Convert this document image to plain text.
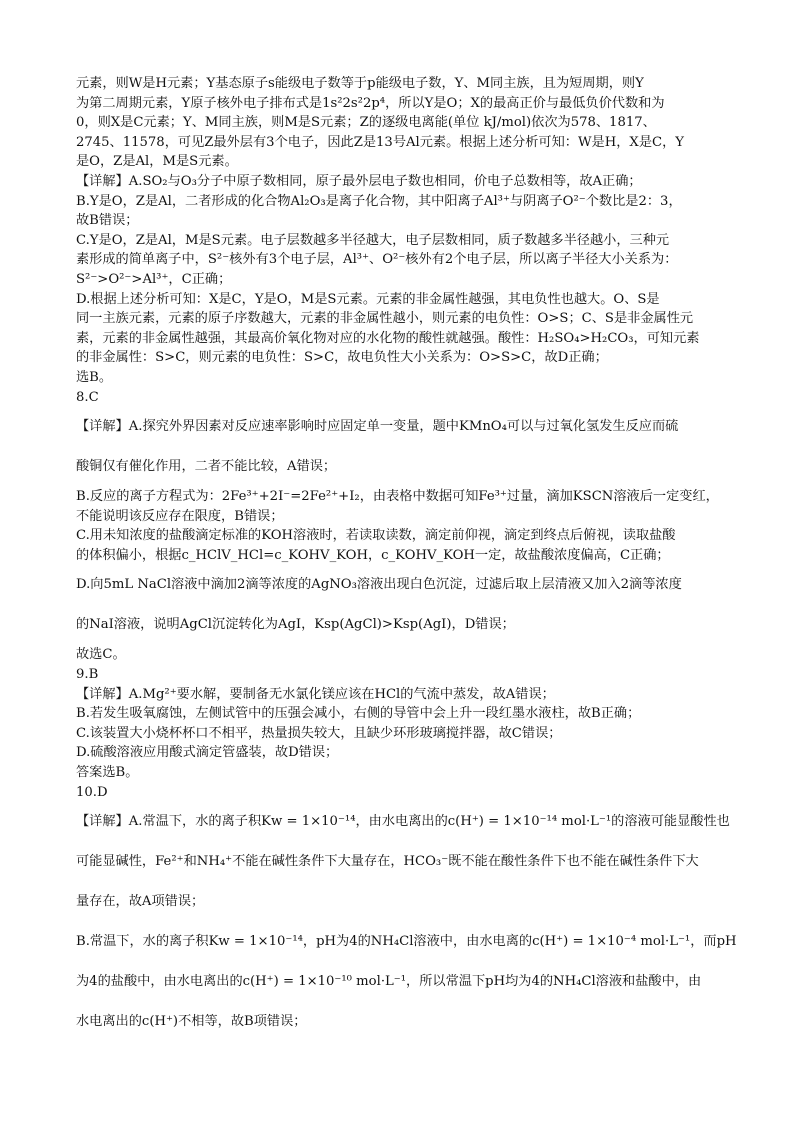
元素，则W是H元素；Y基态原子s能级电子数等于p能级电子数，Y、M同主族，且为短周期，则Y
为第二周期元素，Y原子核外电子排布式是1s²2s²2p⁴，所以Y是O；X的最高正价与最低负价代数和为
0，则X是C元素；Y、M同主族，则M是S元素；Z的逐级电离能(单位 kJ/mol)依次为578、1817、
2745、11578，可见Z最外层有3个电子，因此Z是13号Al元素。根据上述分析可知：W是H，X是C，Y
是O，Z是Al，M是S元素。
【详解】A.SO₂与O₃分子中原子数相同，原子最外层电子数也相同，价电子总数相等，故A正确；
B.Y是O，Z是Al，二者形成的化合物Al₂O₃是离子化合物，其中阳离子Al³⁺与阴离子O²⁻个数比是2：3，
故B错误；
C.Y是O，Z是Al，M是S元素。电子层数越多半径越大，电子层数相同，质子数越多半径越小，三种元
素形成的简单离子中，S²⁻核外有3个电子层，Al³⁺、O²⁻核外有2个电子层，所以离子半径大小关系为：
S²⁻>O²⁻>Al³⁺，C正确；
D.根据上述分析可知：X是C，Y是O，M是S元素。元素的非金属性越强，其电负性也越大。O、S是
同一主族元素，元素的原子序数越大，元素的非金属性越小，则元素的电负性：O>S；C、S是非金属性元
素，元素的非金属性越强，其最高价氧化物对应的水化物的酸性就越强。酸性：H₂SO₄>H₂CO₃，可知元素
的非金属性：S>C，则元素的电负性：S>C，故电负性大小关系为：O>S>C，故D正确；
选B。
8.C
【详解】A.探究外界因素对反应速率影响时应固定单一变量，题中KMnO₄可以与过氧化氢发生反应而硫
酸铜仅有催化作用，二者不能比较，A错误；
B.反应的离子方程式为：2Fe³⁺+2I⁻=2Fe²⁺+I₂，由表格中数据可知Fe³⁺过量，滴加KSCN溶液后一定变红，
不能说明该反应存在限度，B错误；
C.用未知浓度的盐酸滴定标准的KOH溶液时，若读取读数，滴定前仰视，滴定到终点后俯视，读取盐酸
的体积偏小，根据c_HClV_HCl=c_KOHV_KOH，c_KOHV_KOH一定，故盐酸浓度偏高，C正确；
D.向5mL NaCl溶液中滴加2滴等浓度的AgNO₃溶液出现白色沉淀，过滤后取上层清液又加入2滴等浓度
的NaI溶液，说明AgCl沉淀转化为AgI，Ksp(AgCl)>Ksp(AgI)，D错误；
故选C。
9.B
【详解】A.Mg²⁺要水解，要制备无水氯化镁应该在HCl的气流中蒸发，故A错误；
B.若发生吸氧腐蚀，左侧试管中的压强会减小，右侧的导管中会上升一段红墨水液柱，故B正确；
C.该装置大小烧杯杯口不相平，热量损失较大，且缺少环形玻璃搅拌器，故C错误；
D.硫酸溶液应用酸式滴定管盛装，故D错误；
答案选B。
10.D
【详解】A.常温下，水的离子积Kw = 1×10⁻¹⁴，由水电离出的c(H⁺) = 1×10⁻¹⁴ mol·L⁻¹的溶液可能显酸性也
可能显碱性，Fe²⁺和NH₄⁺不能在碱性条件下大量存在，HCO₃⁻既不能在酸性条件下也不能在碱性条件下大
量存在，故A项错误；
B.常温下，水的离子积Kw = 1×10⁻¹⁴，pH为4的NH₄Cl溶液中，由水电离的c(H⁺) = 1×10⁻⁴ mol·L⁻¹，而pH
为4的盐酸中，由水电离出的c(H⁺) = 1×10⁻¹⁰ mol·L⁻¹，所以常温下pH均为4的NH₄Cl溶液和盐酸中，由
水电离出的c(H⁺)不相等，故B项错误；
